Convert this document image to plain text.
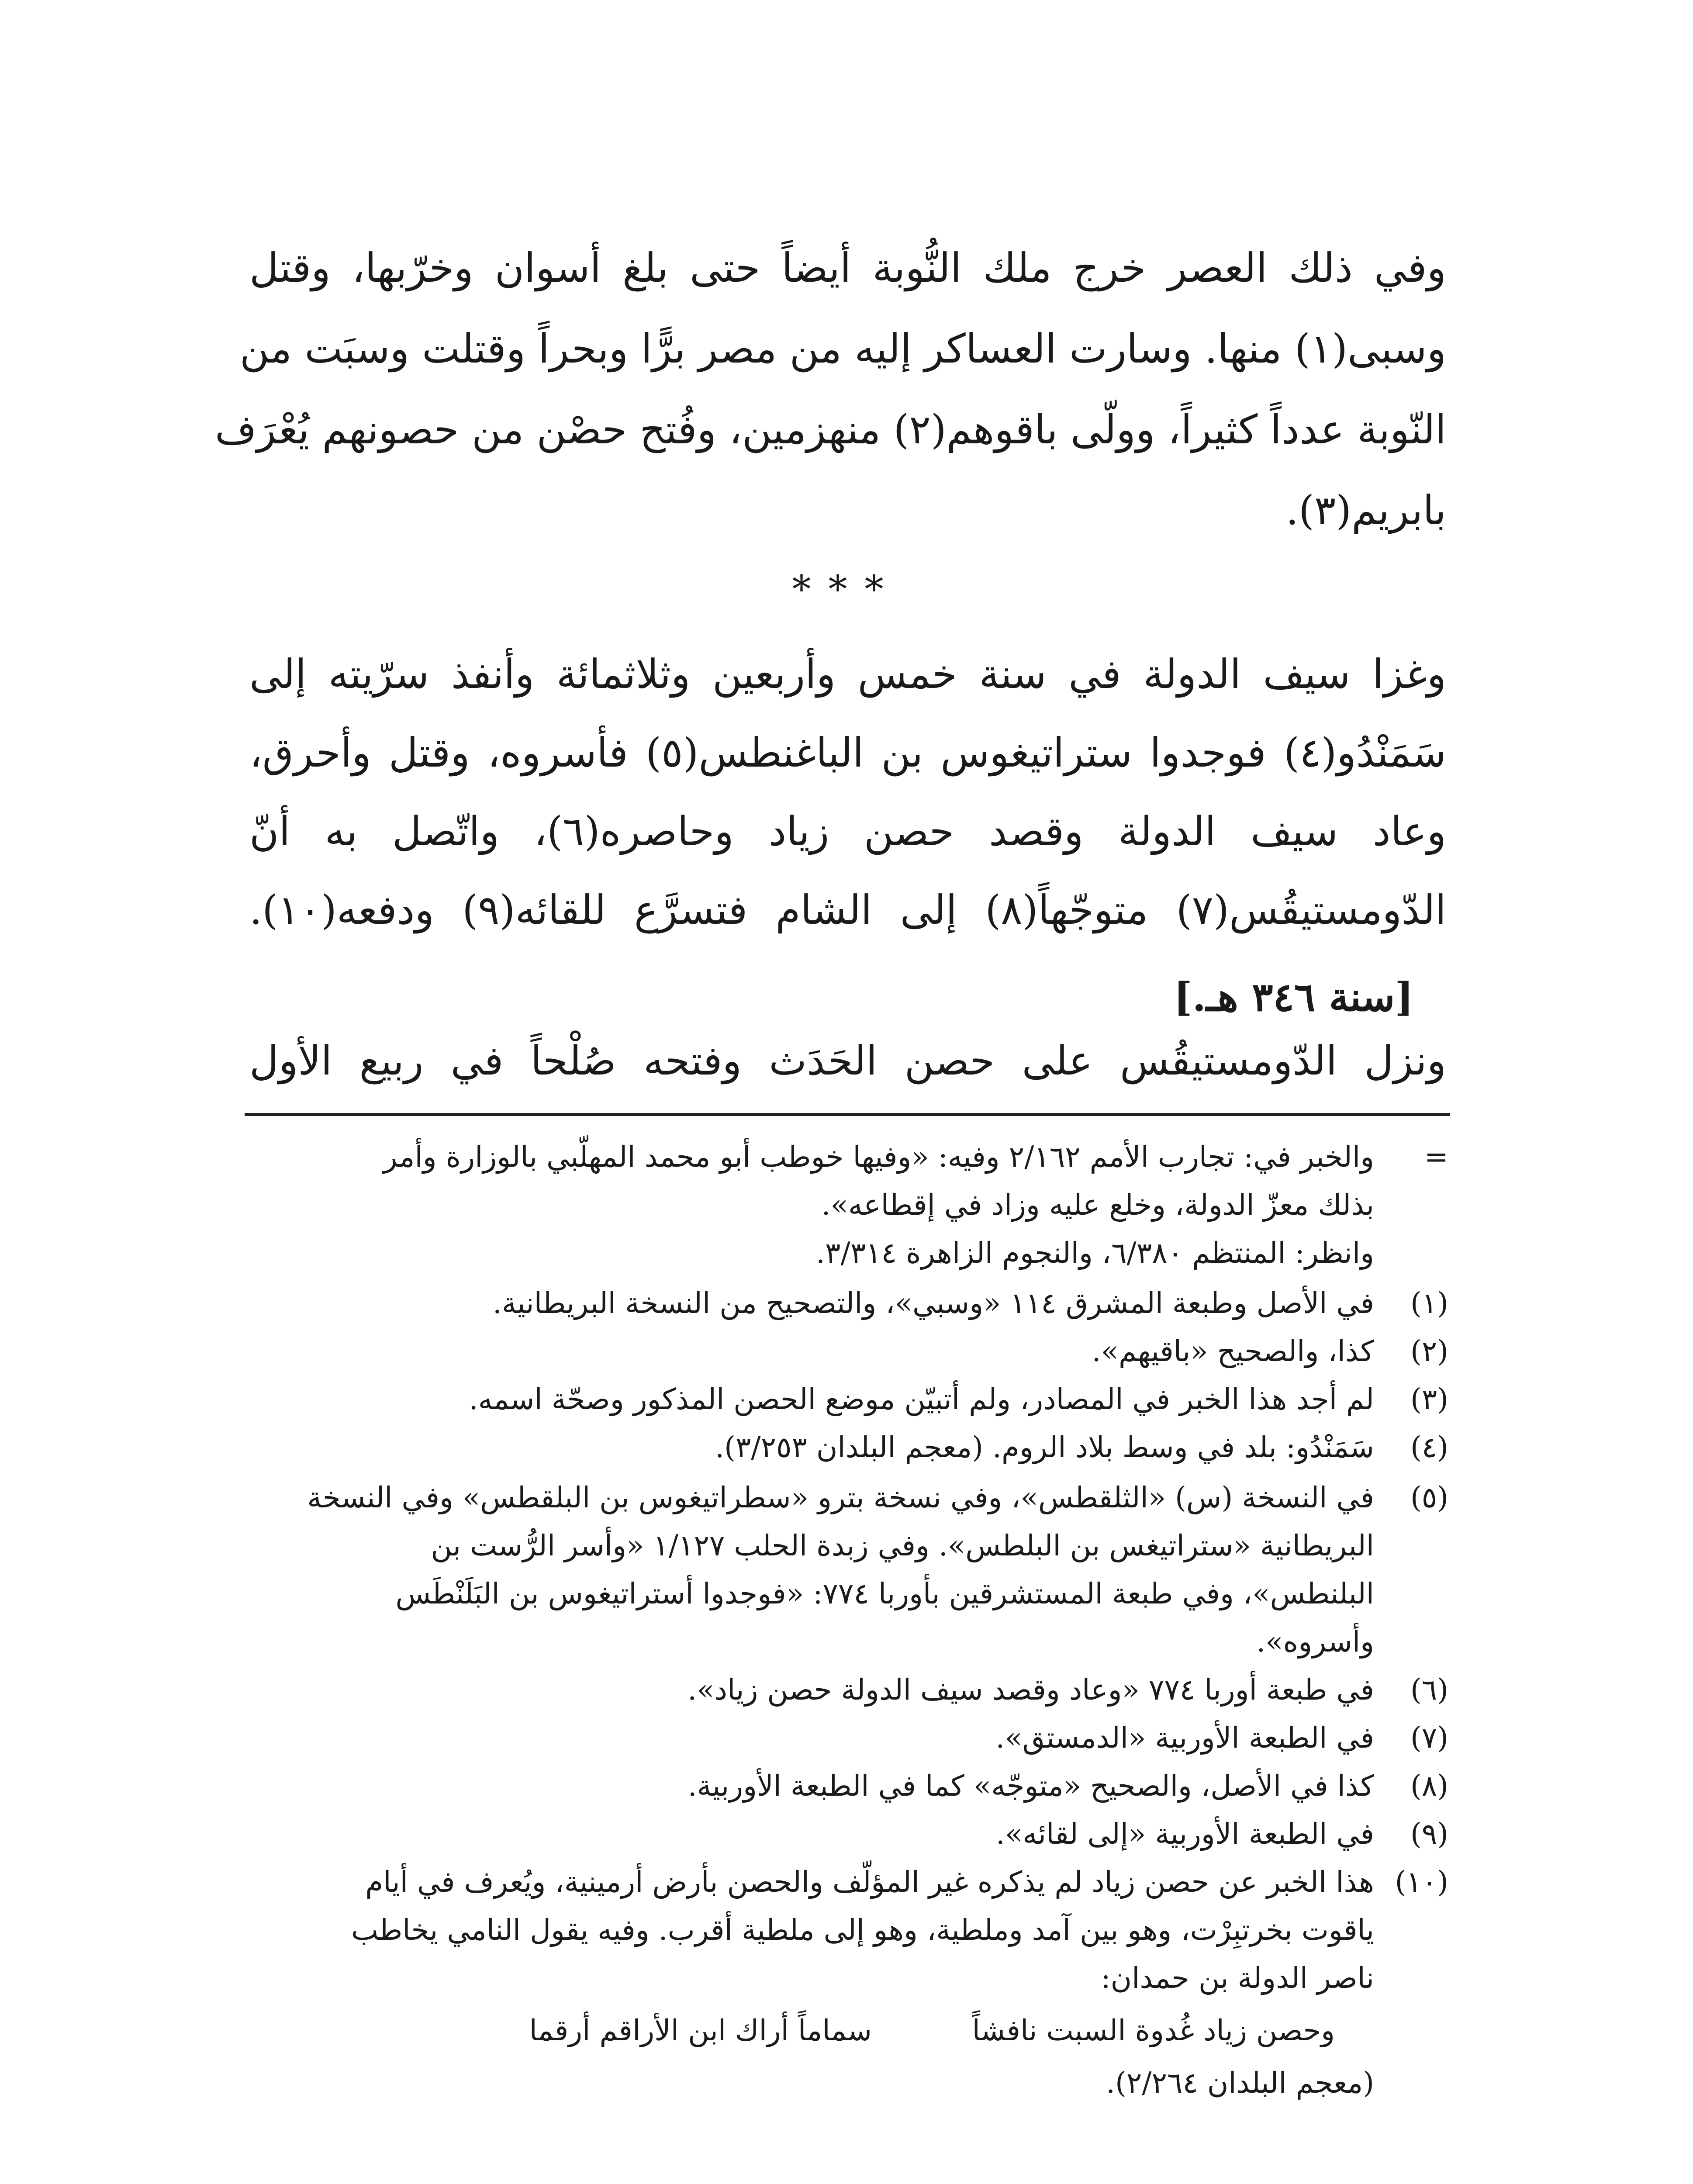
وفي ذلك العصر خرج ملك النُّوبة أيضاً حتى بلغ أسوان وخرّبها، وقتل
وسبى(١) منها. وسارت العساكر إليه من مصر برًّا وبحراً وقتلت وسبَت من
النّوبة عدداً كثيراً، وولّى باقوهم(٢) منهزمين، وفُتح حصْن من حصونهم يُعْرَف
بابريم(٣).
وغزا سيف الدولة في سنة خمس وأربعين وثلاثمائة وأنفذ سرّيته إلى
سَمَنْدُو(٤) فوجدوا ستراتيغوس بن الباغنطس(٥) فأسروه، وقتل وأحرق،
وعاد سيف الدولة وقصد حصن زياد وحاصره(٦)، واتّصل به أنّ
الدّومستيقُس(٧) متوجّهاً(٨) إلى الشام فتسرَّع للقائه(٩) ودفعه(١٠).
ونزل الدّومستيقُس على حصن الحَدَث وفتحه صُلْحاً في ربيع الأول
***
[سنة ٣٤٦ هـ.]
=
والخبر في: تجارب الأمم ٢/١٦٢ وفيه: «وفيها خوطب أبو محمد المهلّبي بالوزارة وأمر
بذلك معزّ الدولة، وخلع عليه وزاد في إقطاعه».
وانظر: المنتظم ٦/٣٨٠، والنجوم الزاهرة ٣/٣١٤.
(١)
في الأصل وطبعة المشرق ١١٤ «وسبي»، والتصحيح من النسخة البريطانية.
(٢)
كذا، والصحيح «باقيهم».
(٣)
لم أجد هذا الخبر في المصادر، ولم أتبيّن موضع الحصن المذكور وصحّة اسمه.
(٤)
سَمَنْدُو: بلد في وسط بلاد الروم. (معجم البلدان ٣/٢٥٣).
(٥)
في النسخة (س) «الثلقطس»، وفي نسخة بترو «سطراتيغوس بن البلقطس» وفي النسخة
البريطانية «ستراتيغس بن البلطس». وفي زبدة الحلب ١/١٢٧ «وأسر الرُّست بن
البلنطس»، وفي طبعة المستشرقين بأوربا ٧٧٤: «فوجدوا أستراتيغوس بن البَلَنْطَس
وأسروه».
(٦)
في طبعة أوربا ٧٧٤ «وعاد وقصد سيف الدولة حصن زياد».
(٧)
في الطبعة الأوربية «الدمستق».
(٨)
كذا في الأصل، والصحيح «متوجّه» كما في الطبعة الأوربية.
(٩)
في الطبعة الأوربية «إلى لقائه».
(١٠)
هذا الخبر عن حصن زياد لم يذكره غير المؤلّف والحصن بأرض أرمينية، ويُعرف في أيام
ياقوت بخرتبِرْت، وهو بين آمد وملطية، وهو إلى ملطية أقرب. وفيه يقول النامي يخاطب
ناصر الدولة بن حمدان:
وحصن زياد غُدوة السبت نافشاً
سماماً أراك ابن الأراقم أرقما
(معجم البلدان ٢/٢٦٤).
